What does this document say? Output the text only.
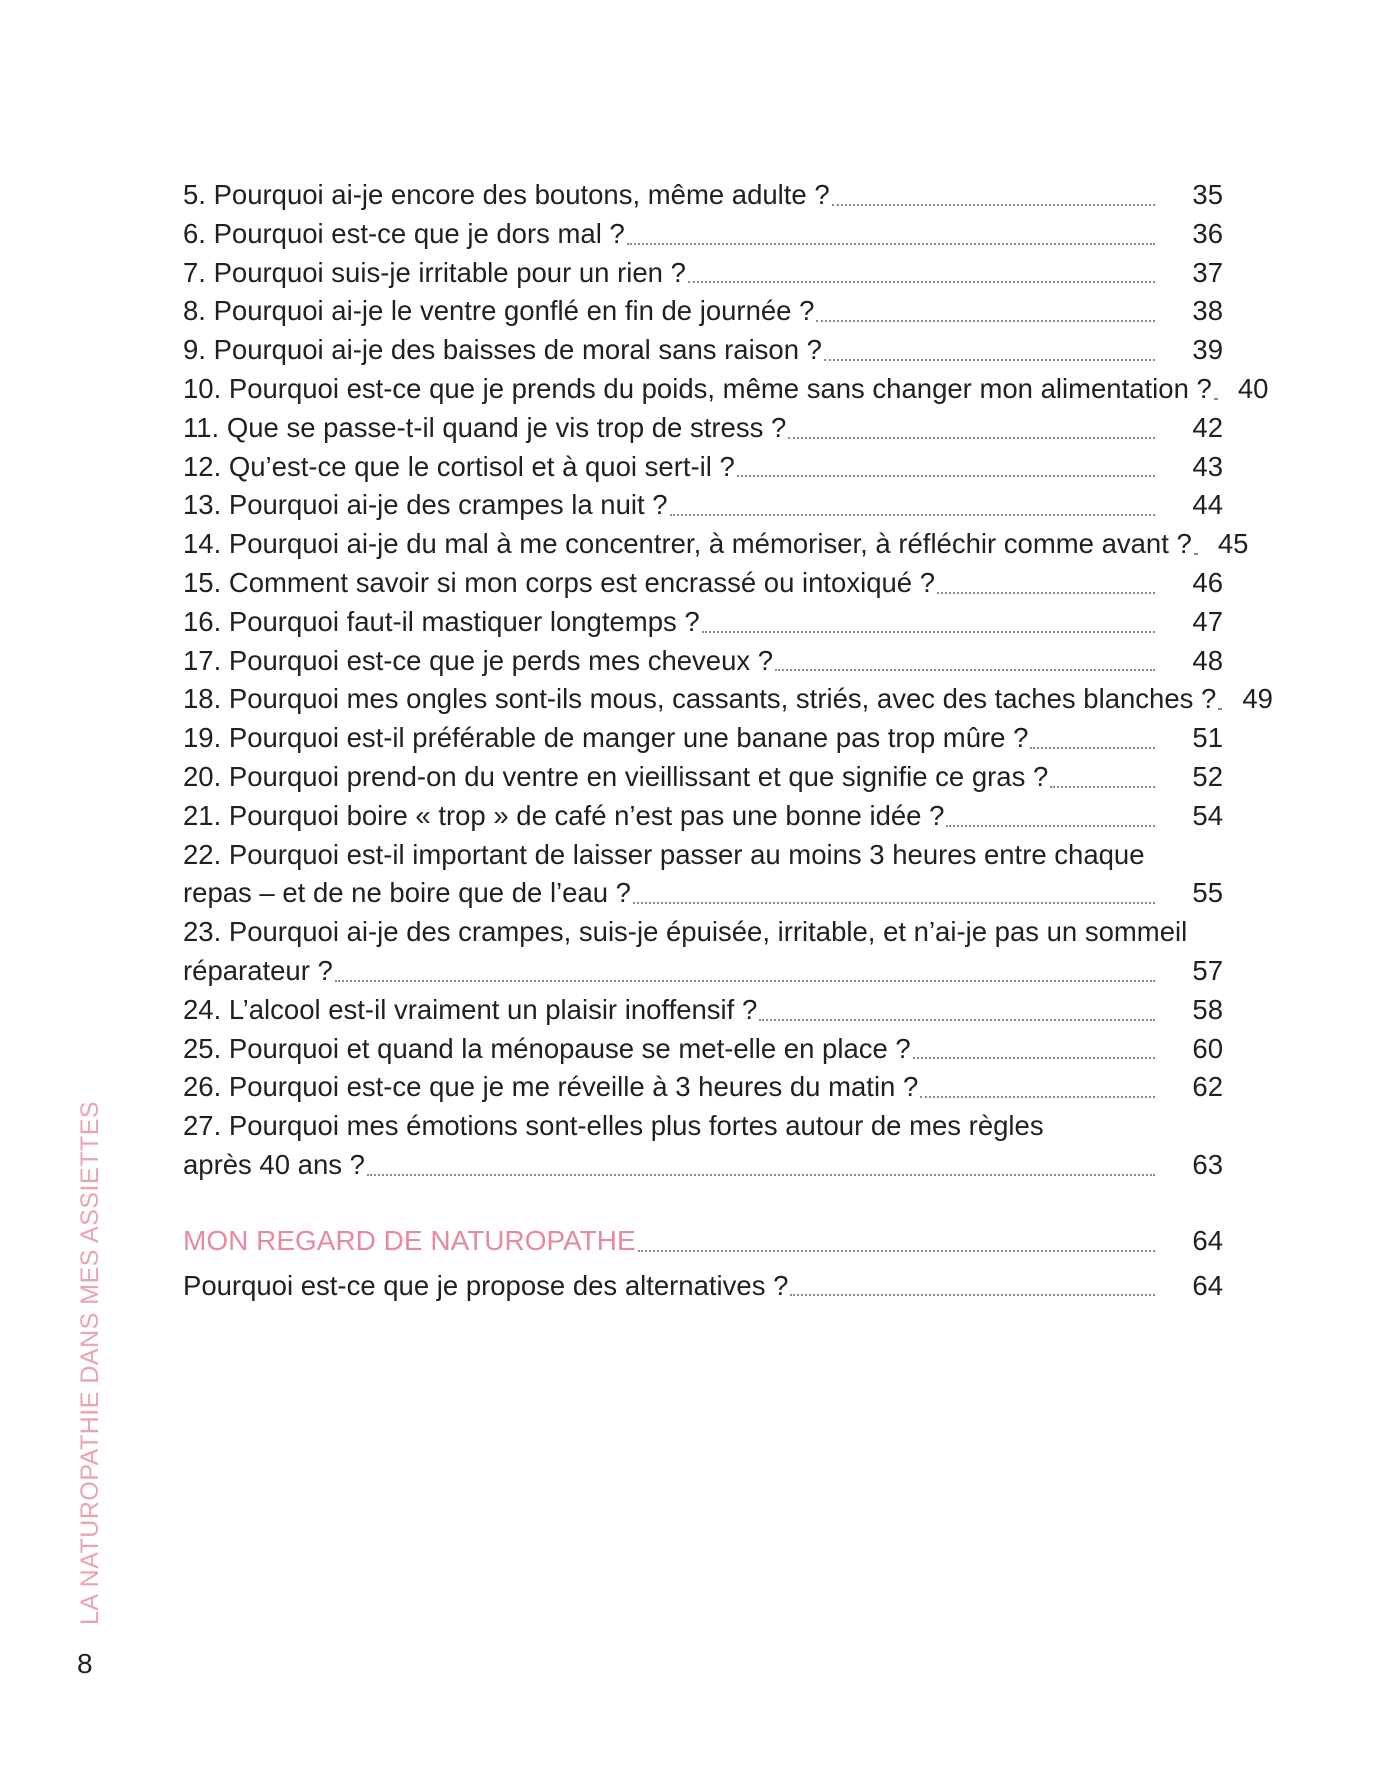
5. Pourquoi ai-je encore des boutons, même adulte ?	35
6. Pourquoi est-ce que je dors mal ?	36
7. Pourquoi suis-je irritable pour un rien ?	37
8. Pourquoi ai-je le ventre gonflé en fin de journée ?	38
9. Pourquoi ai-je des baisses de moral sans raison ?	39
10. Pourquoi est-ce que je prends du poids, même sans changer mon alimentation ? 40
11. Que se passe-t-il quand je vis trop de stress ?	42
12. Qu’est-ce que le cortisol et à quoi sert-il ?	43
13. Pourquoi ai-je des crampes la nuit ?	44
14. Pourquoi ai-je du mal à me concentrer, à mémoriser, à réfléchir comme avant ? 45
15. Comment savoir si mon corps est encrassé ou intoxiqué ?	46
16. Pourquoi faut-il mastiquer longtemps ?	47
17. Pourquoi est-ce que je perds mes cheveux ?	48
18. Pourquoi mes ongles sont-ils mous, cassants, striés, avec des taches blanches ? 49
19. Pourquoi est-il préférable de manger une banane pas trop mûre ?	51
20. Pourquoi prend-on du ventre en vieillissant et que signifie ce gras ?	52
21. Pourquoi boire « trop » de café n’est pas une bonne idée ?	54
22. Pourquoi est-il important de laisser passer au moins 3 heures entre chaque
repas – et de ne boire que de l’eau ?	55
23. Pourquoi ai-je des crampes, suis-je épuisée, irritable, et n’ai-je pas un sommeil
réparateur ?	57
24. L’alcool est-il vraiment un plaisir inoffensif ?	58
25. Pourquoi et quand la ménopause se met-elle en place ?	60
26. Pourquoi est-ce que je me réveille à 3 heures du matin ?	62
27. Pourquoi mes émotions sont-elles plus fortes autour de mes règles
après 40 ans ?	63
MON REGARD DE NATUROPATHE	64
Pourquoi est-ce que je propose des alternatives ?	64
LA NATUROPATHIE DANS MES ASSIETTES
8
